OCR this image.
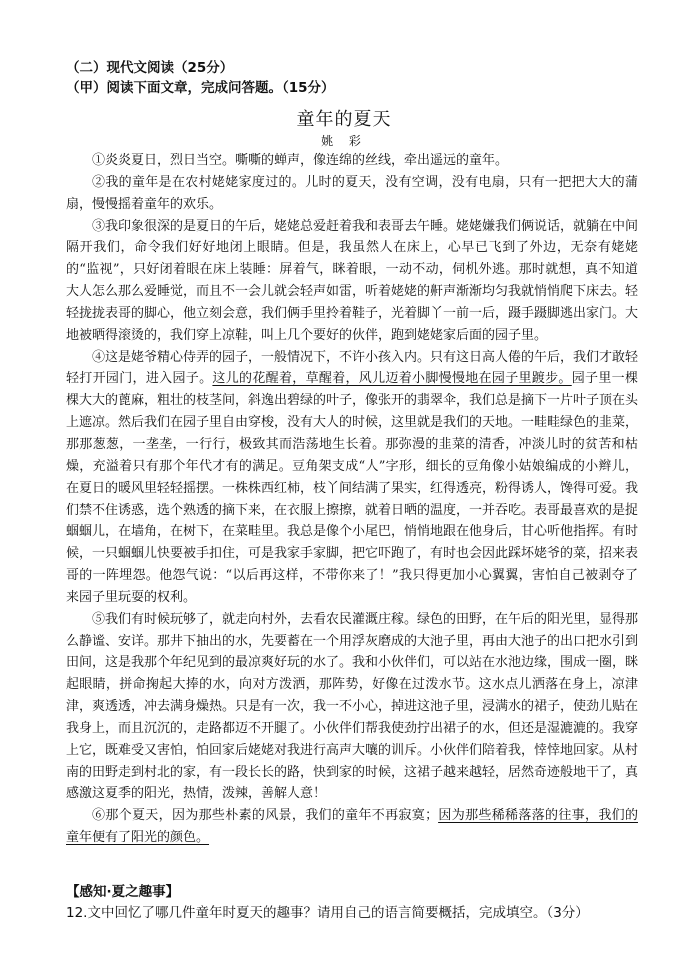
（二）现代文阅读（25分）
（甲）阅读下面文章，完成问答题。（15分）
童年的夏天
姚 彩

①炎炎夏日，烈日当空。嘶嘶的蝉声，像连绵的丝线，牵出遥远的童年。

②我的童年是在农村姥姥家度过的。儿时的夏天，没有空调，没有电扇，只有一把把大大的蒲扇，慢慢摇着童年的欢乐。

③我印象很深的是夏日的午后，姥姥总爱赶着我和表哥去午睡。姥姥嫌我们俩说话，就躺在中间隔开我们，命令我们好好地闭上眼睛。但是，我虽然人在床上，心早已飞到了外边，无奈有姥姥的“监视”，只好闭着眼在床上装睡：屏着气，眯着眼，一动不动，伺机外逃。那时就想，真不知道大人怎么那么爱睡觉，而且不一会儿就会轻声如雷，听着姥姥的鼾声渐渐均匀我就悄悄爬下床去。轻轻拢拢表哥的脚心，他立刻会意，我们俩手里拎着鞋子，光着脚丫一前一后，蹑手蹑脚逃出家门。大地被晒得滚烫的，我们穿上凉鞋，叫上几个要好的伙伴，跑到姥姥家后面的园子里。

④这是姥爷精心侍弄的园子，一般情况下，不许小孩入内。只有这日高人倦的午后，我们才敢轻轻打开园门，进入园子。这儿的花醒着，草醒着，风儿迈着小脚慢慢地在园子里踱步。园子里一棵棵大大的蓖麻，粗壮的枝茎间，斜逸出碧绿的叶子，像张开的翡翠伞，我们总是摘下一片叶子顶在头上遮凉。然后我们在园子里自由穿梭，没有大人的时候，这里就是我们的天地。一畦畦绿色的韭菜，那那葱葱，一垄垄，一行行，极致其而浩荡地生长着。那弥漫的韭菜的清香，冲淡儿时的贫苦和枯燥，充溢着只有那个年代才有的满足。豆角架支成“人”字形，细长的豆角像小姑娘编成的小辫儿，在夏日的暖风里轻轻摇摆。一株株西红柿，枝丫间结满了果实，红得透亮，粉得诱人，馋得可爱。我们禁不住诱惑，选个熟透的摘下来，在衣服上擦擦，就着日晒的温度，一并吞吃。表哥最喜欢的是捉蝈蝈儿，在墙角，在树下，在菜畦里。我总是像个小尾巴，悄悄地跟在他身后，甘心听他指挥。有时候，一只蝈蝈儿快要被手扣住，可是我家手家脚，把它吓跑了，有时也会因此踩坏姥爷的菜，招来表哥的一阵埋怨。他怨气说：“以后再这样，不带你来了！”我只得更加小心翼翼，害怕自己被剥夺了来园子里玩耍的权利。

⑤我们有时候玩够了，就走向村外，去看农民灌溉庄稼。绿色的田野，在午后的阳光里，显得那么静谧、安详。那井下抽出的水，先要蓄在一个用浮灰磨成的大池子里，再由大池子的出口把水引到田间，这是我那个年纪见到的最凉爽好玩的水了。我和小伙伴们，可以站在水池边缘，围成一圈，眯起眼睛，拼命掬起大捧的水，向对方泼洒，那阵势，好像在过泼水节。这水点儿洒落在身上，凉津津，爽透透，冲去满身燥热。只是有一次，我一不小心，掉进这池子里，浸满水的裙子，使劲儿贴在我身上，而且沉沉的，走路都迈不开腿了。小伙伴们帮我使劲拧出裙子的水，但还是湿漉漉的。我穿上它，既难受又害怕，怕回家后姥姥对我进行高声大嚷的训斥。小伙伴们陪着我，悻悻地回家。从村南的田野走到村北的家，有一段长长的路，快到家的时候，这裙子越来越轻，居然奇迹般地干了，真感激这夏季的阳光，热情，泼辣，善解人意！

⑥那个夏天，因为那些朴素的风景，我们的童年不再寂寞；因为那些稀稀落落的往事，我们的童年便有了阳光的颜色。

【感知·夏之趣事】
12.文中回忆了哪几件童年时夏天的趣事？请用自己的语言简要概括，完成填空。（3分）
